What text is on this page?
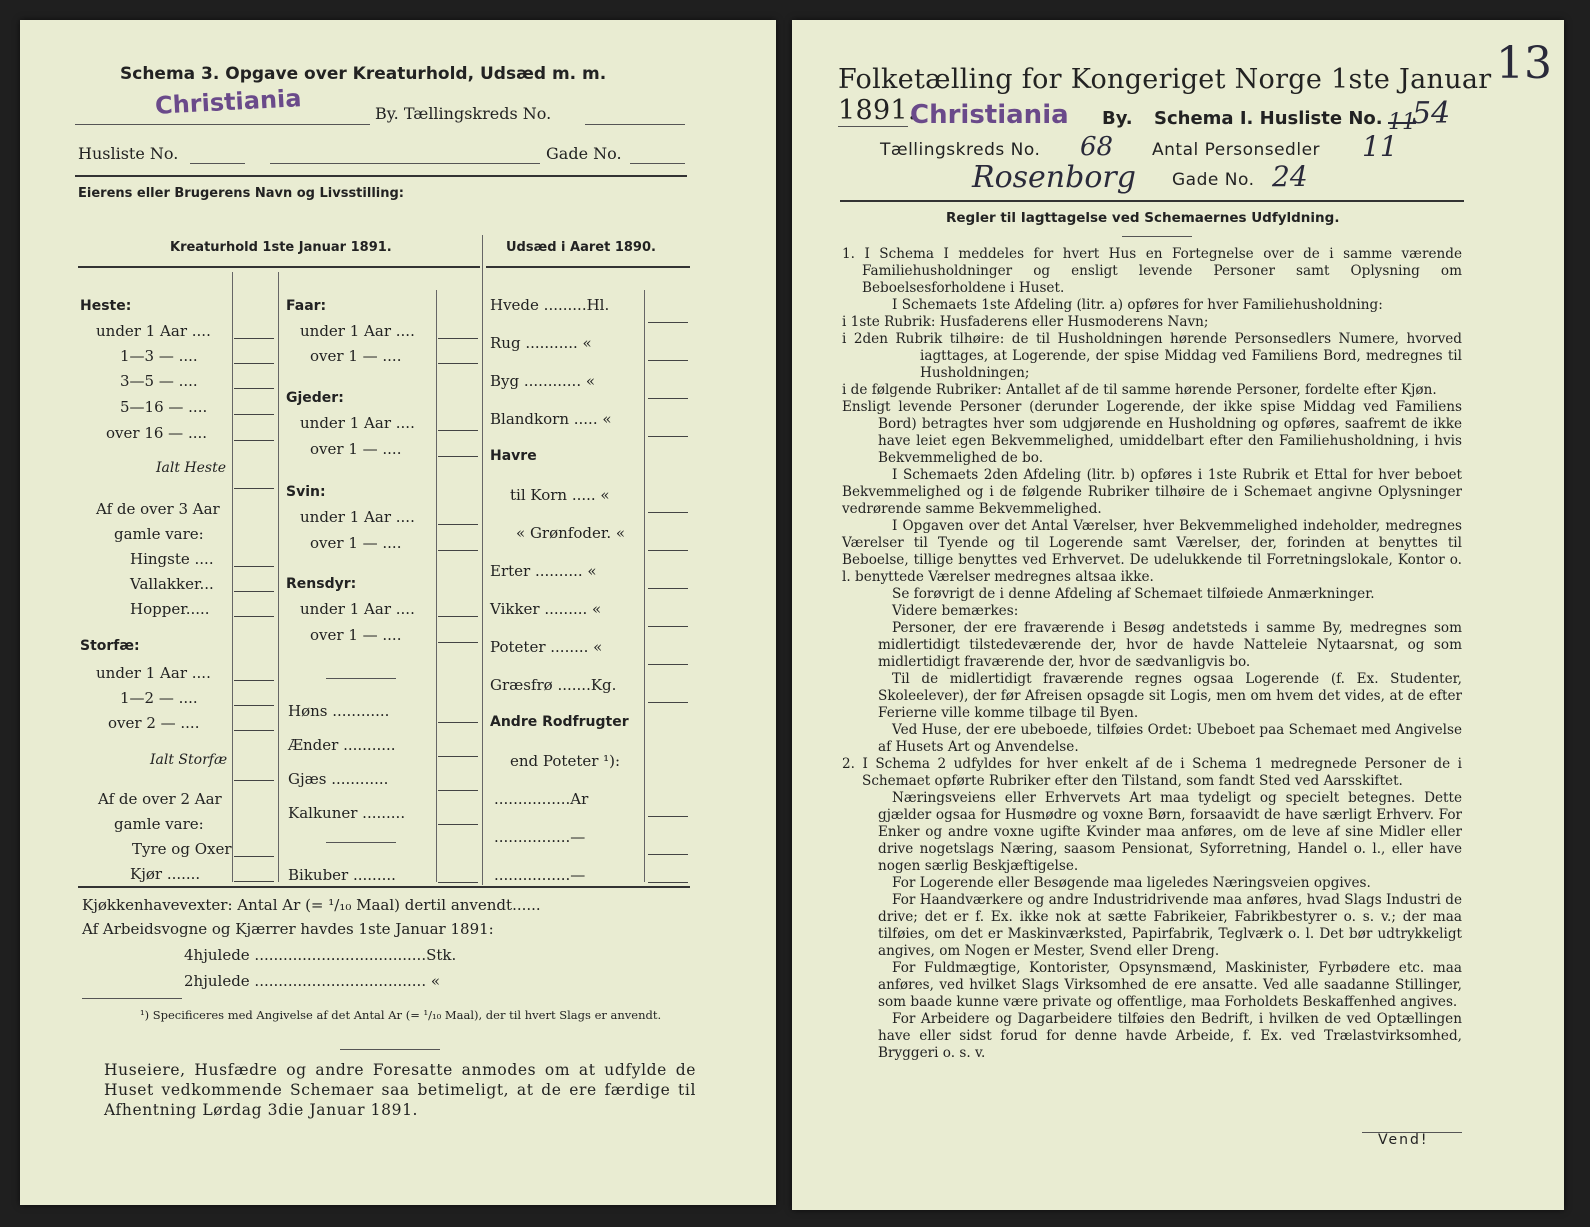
Schema 3. Opgave over Kreaturhold, Udsæd m. m.
Christiania	By. Tællingskreds No.
Husliste No.	Gade No.
Eierens eller Brugerens Navn og Livsstilling:
Kreaturhold 1ste Januar 1891.	Udsæd i Aaret 1890.
Heste:
under 1 Aar ....
1—3 — ....
3—5 — ....
5—16 — ....
over 16 — ....
Ialt Heste
Af de over 3 Aar
gamle vare:
Hingste ....
Vallakker...
Hopper.....
Storfæ:
under 1 Aar ....
1—2 — ....
over 2 — ....
Ialt Storfæ
Af de over 2 Aar
gamle vare:
Tyre og Oxer
Kjør .......
Faar:
under 1 Aar ....
over 1 — ....
Gjeder:
under 1 Aar ....
over 1 — ....
Svin:
under 1 Aar ....
over 1 — ....
Rensdyr:
under 1 Aar ....
over 1 — ....
Høns ............
Ænder ...........
Gjæs ............
Kalkuner .........
Bikuber .........
Hvede .........Hl.
Rug ........... «
Byg ............ «
Blandkorn ..... «
Havre
til Korn ..... «
« Grønfoder. «
Erter .......... «
Vikker ......... «
Poteter ........ «
Græsfrø .......Kg.
Andre Rodfrugter
end Poteter ¹):
................Ar
................—
................—
Kjøkkenhavevexter: Antal Ar (= ¹/₁₀ Maal) dertil anvendt......
Af Arbeidsvogne og Kjærrer havdes 1ste Januar 1891:
4hjulede ....................................Stk.
2hjulede .................................... «
¹) Specificeres med Angivelse af det Antal Ar (= ¹/₁₀ Maal), der til hvert Slags er anvendt.
Huseiere, Husfædre og andre Foresatte anmodes om at udfylde de Huset vedkommende Schemaer saa betimeligt, at de ere færdige til Afhentning Lørdag 3die Januar 1891.
Folketælling for Kongeriget Norge 1ste Januar 1891.
13
Christiania By. Schema I. Husliste No. 11
54
Tællingskreds No. 68 Antal Personsedler 11
Rosenborg Gade No. 24
Regler til Iagttagelse ved Schemaernes Udfyldning.

1. I Schema I meddeles for hvert Hus en Fortegnelse over de i samme værende Familiehusholdninger og ensligt levende Personer samt Oplysning om Beboelsesforholdene i Huset.

I Schemaets 1ste Afdeling (litr. a) opføres for hver Familiehusholdning:

i 1ste Rubrik: Husfaderens eller Husmoderens Navn;

i 2den Rubrik tilhøire: de til Husholdningen hørende Personsedlers Numere, hvorved iagttages, at Logerende, der spise Middag ved Familiens Bord, medregnes til Husholdningen;

i de følgende Rubriker: Antallet af de til samme hørende Personer, fordelte efter Kjøn.

Ensligt levende Personer (derunder Logerende, der ikke spise Middag ved Familiens Bord) betragtes hver som udgjørende en Husholdning og opføres, saafremt de ikke have leiet egen Bekvemmelighed, umiddelbart efter den Familiehusholdning, i hvis Bekvemmelighed de bo.

I Schemaets 2den Afdeling (litr. b) opføres i 1ste Rubrik et Ettal for hver beboet Bekvemmelighed og i de følgende Rubriker tilhøire de i Schemaet angivne Oplysninger vedrørende samme Bekvemmelighed.

I Opgaven over det Antal Værelser, hver Bekvemmelighed indeholder, medregnes Værelser til Tyende og til Logerende samt Værelser, der, forinden at benyttes til Beboelse, tillige benyttes ved Erhvervet. De udelukkende til Forretningslokale, Kontor o. l. benyttede Værelser medregnes altsaa ikke.

Se forøvrigt de i denne Afdeling af Schemaet tilføiede Anmærkninger.

Videre bemærkes:

Personer, der ere fraværende i Besøg andetsteds i samme By, medregnes som midlertidigt tilstedeværende der, hvor de havde Natteleie Nytaarsnat, og som midlertidigt fraværende der, hvor de sædvanligvis bo.

Til de midlertidigt fraværende regnes ogsaa Logerende (f. Ex. Studenter, Skoleelever), der før Afreisen opsagde sit Logis, men om hvem det vides, at de efter Ferierne ville komme tilbage til Byen.

Ved Huse, der ere ubeboede, tilføies Ordet: Ubeboet paa Schemaet med Angivelse af Husets Art og Anvendelse.

2. I Schema 2 udfyldes for hver enkelt af de i Schema 1 medregnede Personer de i Schemaet opførte Rubriker efter den Tilstand, som fandt Sted ved Aarsskiftet.

Næringsveiens eller Erhvervets Art maa tydeligt og specielt betegnes. Dette gjælder ogsaa for Husmødre og voxne Børn, forsaavidt de have særligt Erhverv. For Enker og andre voxne ugifte Kvinder maa anføres, om de leve af sine Midler eller drive nogetslags Næring, saasom Pensionat, Syforretning, Handel o. l., eller have nogen særlig Beskjæftigelse.

For Logerende eller Besøgende maa ligeledes Næringsveien opgives.

For Haandværkere og andre Industridrivende maa anføres, hvad Slags Industri de drive; det er f. Ex. ikke nok at sætte Fabrikeier, Fabrikbestyrer o. s. v.; der maa tilføies, om det er Maskinværksted, Papirfabrik, Teglværk o. l. Det bør udtrykkeligt angives, om Nogen er Mester, Svend eller Dreng.

For Fuldmægtige, Kontorister, Opsynsmænd, Maskinister, Fyrbødere etc. maa anføres, ved hvilket Slags Virksomhed de ere ansatte. Ved alle saadanne Stillinger, som baade kunne være private og offentlige, maa Forholdets Beskaffenhed angives.

For Arbeidere og Dagarbeidere tilføies den Bedrift, i hvilken de ved Optællingen have eller sidst forud for denne havde Arbeide, f. Ex. ved Trælastvirksomhed, Bryggeri o. s. v.

Vend!
